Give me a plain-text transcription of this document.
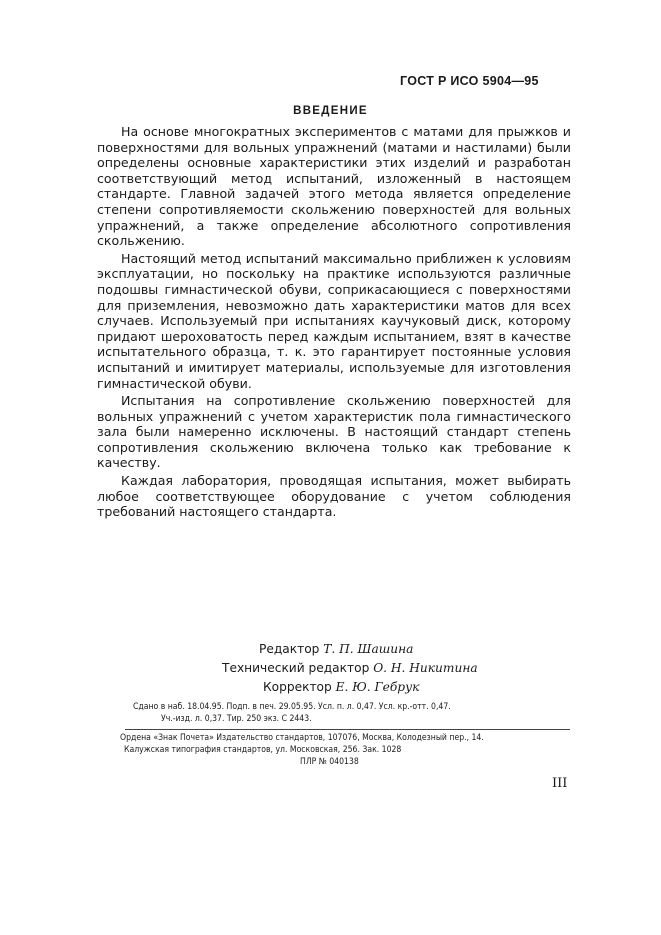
ГОСТ Р ИСО 5904—95
ВВЕДЕНИЕ

На основе многократных экспериментов с матами для прыжков и поверхностями для вольных упражнений (матами и настилами) были определены основные характеристики этих изделий и разработан соответствующий метод испытаний, изложенный в настоящем стандарте. Главной задачей этого метода является определение степени сопротивляемости скольжению поверхностей для вольных упражнений, а также определение абсолютного сопротивления скольжению.

Настоящий метод испытаний максимально приближен к условиям эксплуатации, но поскольку на практике используются различные подошвы гимнастической обуви, соприкасающиеся с поверхностями для приземления, невозможно дать характеристики матов для всех случаев. Используемый при испытаниях каучуковый диск, которому придают шероховатость перед каждым испытанием, взят в качестве испытательного образца, т. к. это гарантирует постоянные условия испытаний и имитирует материалы, используемые для изготовления гимнастической обуви.

Испытания на сопротивление скольжению поверхностей для вольных упражнений с учетом характеристик пола гимнастического зала были намеренно исключены. В настоящий стандарт степень сопротивления скольжению включена только как требование к качеству.

Каждая лаборатория, проводящая испытания, может выбирать любое соответствующее оборудование с учетом соблюдения требований настоящего стандарта.

Редактор Т. П. Шашина
Технический редактор О. Н. Никитина
Корректор Е. Ю. Гебрук
Сдано в наб. 18.04.95. Подп. в печ. 29.05.95. Усл. п. л. 0,47. Усл. кр.-отт. 0,47.
Уч.-изд. л. 0,37. Тир. 250 экз. С 2443.
Ордена «Знак Почета» Издательство стандартов, 107076, Москва, Колодезный пер., 14.
Калужская типография стандартов, ул. Московская, 256. Зак. 1028
ПЛР № 040138
III
